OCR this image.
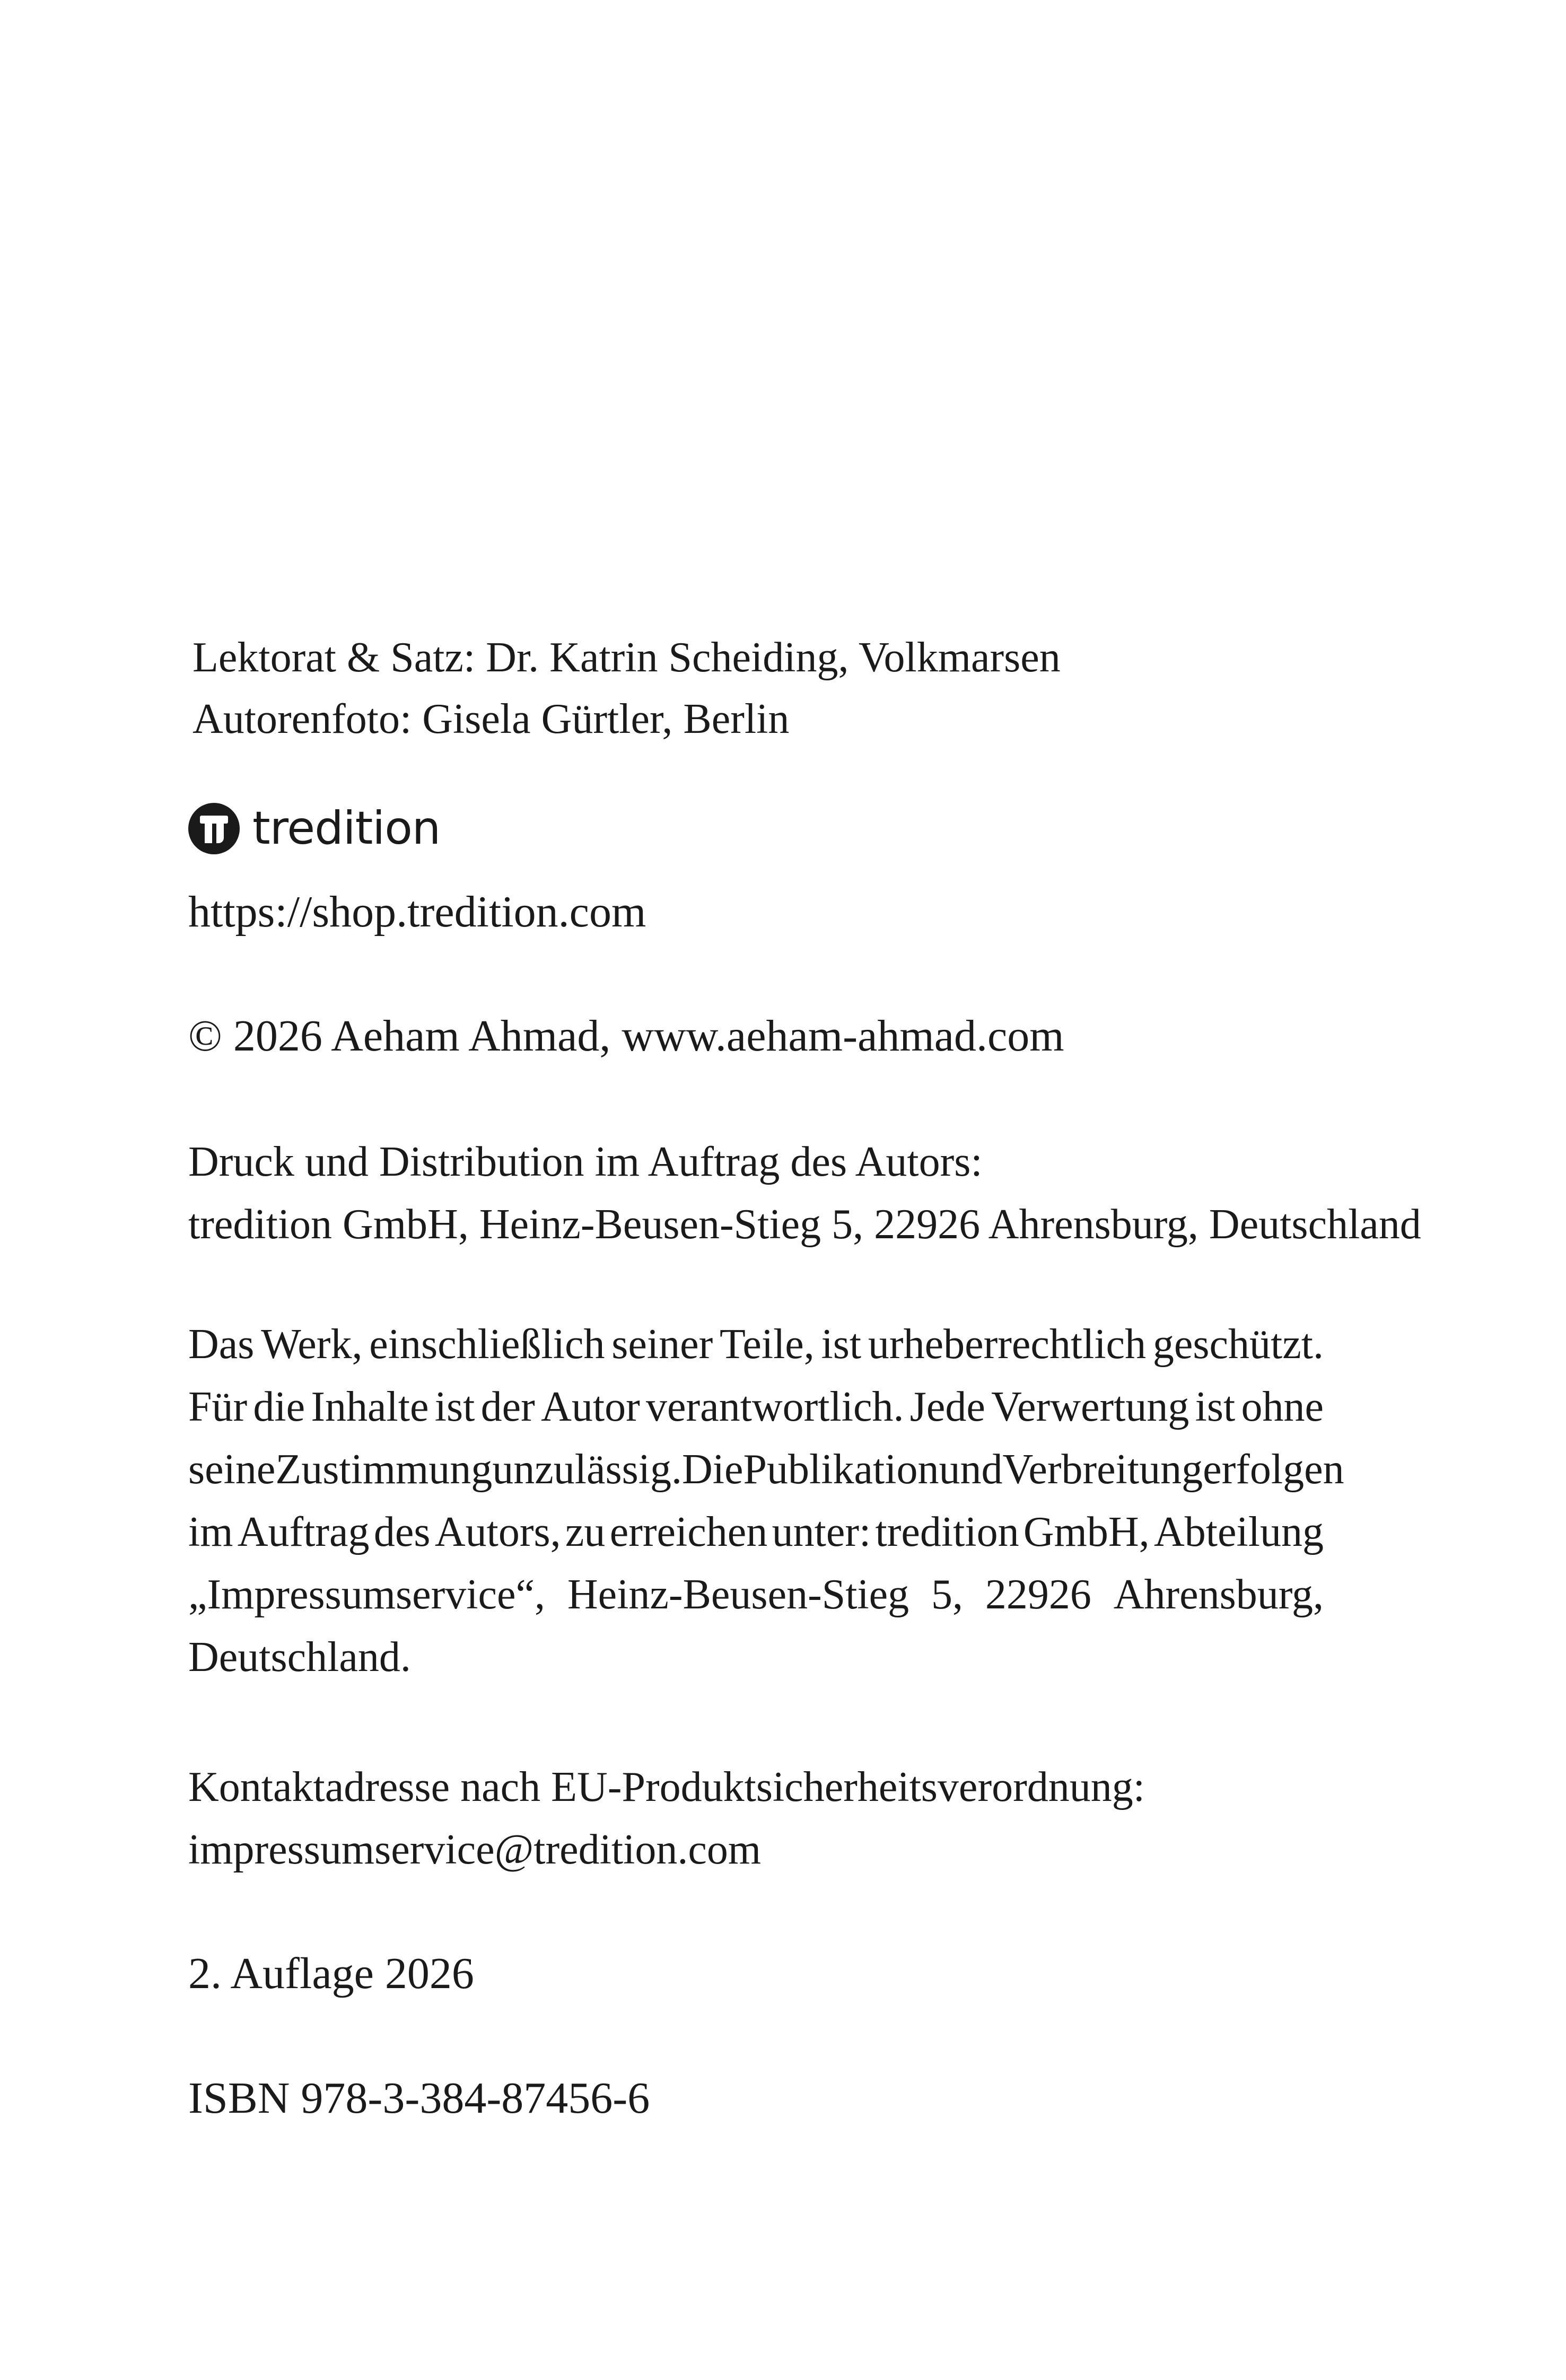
Lektorat & Satz: Dr. Katrin Scheiding, Volkmarsen
Autorenfoto: Gisela Gürtler, Berlin
tredition
https://shop.tredition.com
© 2026 Aeham Ahmad, www.aeham-ahmad.com
Druck und Distribution im Auftrag des Autors:
tredition GmbH, Heinz-Beusen-Stieg 5, 22926 Ahrensburg, Deutschland
Das Werk, einschließlich seiner Teile, ist urheberrechtlich geschützt.
Für die Inhalte ist der Autor verantwortlich. Jede Verwertung ist ohne
seine Zustimmung unzulässig. Die Publikation und Verbreitung erfolgen
im Auftrag des Autors, zu erreichen unter: tredition GmbH, Abteilung
„Impressumservice“, Heinz-Beusen-Stieg 5, 22926 Ahrensburg,
Deutschland.
Kontaktadresse nach EU-Produktsicherheitsverordnung:
impressumservice@tredition.com
2. Auflage 2026
ISBN 978-3-384-87456-6
